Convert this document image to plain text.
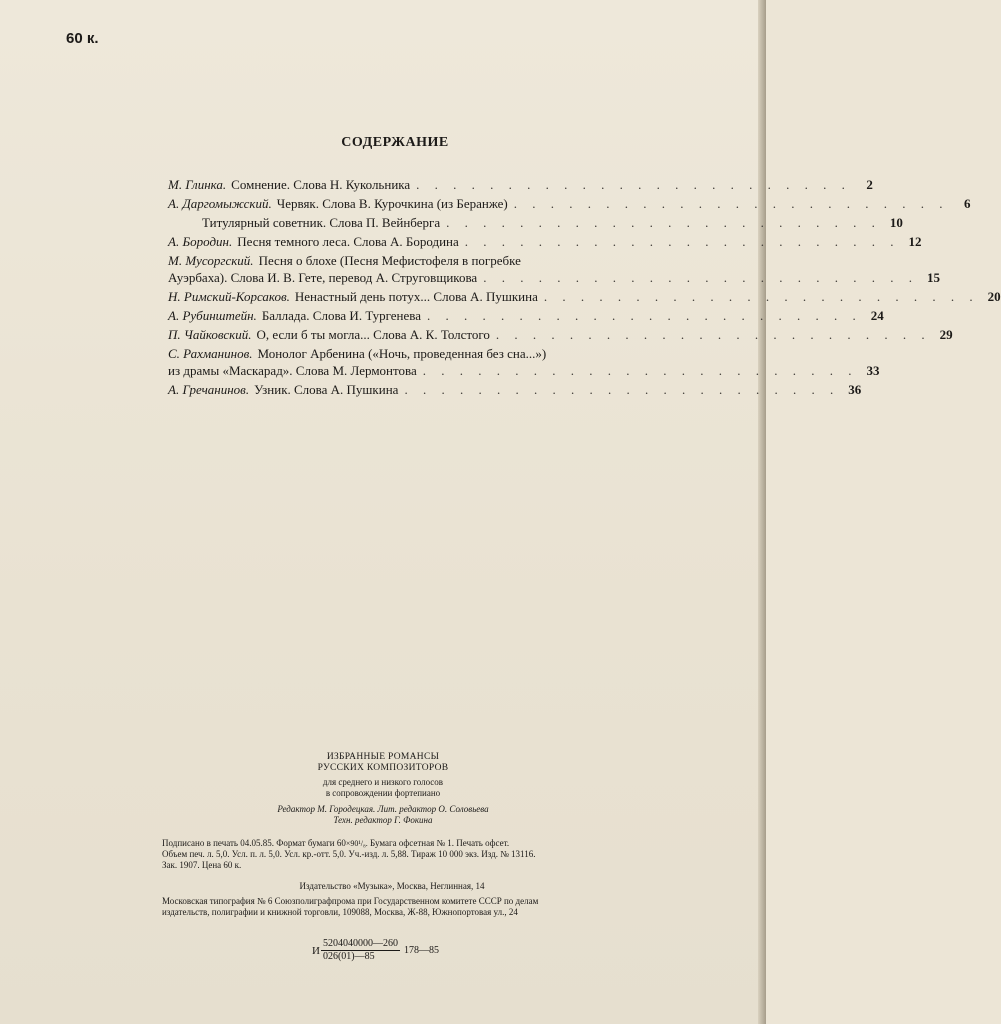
60 к.
СОДЕРЖАНИЕ
М. Глинка. Сомнение. Слова Н. Кукольника . . . . . . . . . . . . . . . . . . . . . . . .	2
А. Даргомыжский. Червяк. Слова В. Курочкина (из Беранже) . . . . . . . . . . . . . . . . . . . . . . . .	6
Титулярный советник. Слова П. Вейнберга . . . . . . . . . . . . . . . . . . . . . . . . 10
А. Бородин. Песня темного леса. Слова А. Бородина . . . . . . . . . . . . . . . . . . . . . . . . 12
М. Мусоргский. Песня о блохе (Песня Мефистофеля в погребке
Ауэрбаха). Слова И. В. Гете, перевод А. Струговщикова . . . . . . . . . . . . . . . . . . . . . . . . 15
Н. Римский-Корсаков. Ненастный день потух... Слова А. Пушкина . . . . . . . . . . . . . . . . . . . . . . . . 20
А. Рубинштейн. Баллада. Слова И. Тургенева . . . . . . . . . . . . . . . . . . . . . . . . 24
П. Чайковский. О, если б ты могла... Слова А. К. Толстого . . . . . . . . . . . . . . . . . . . . . . . . 29
С. Рахманинов. Монолог Арбенина («Ночь, проведенная без сна...»)
из драмы «Маскарад». Слова М. Лермонтова . . . . . . . . . . . . . . . . . . . . . . . . 33
А. Гречанинов. Узник. Слова А. Пушкина . . . . . . . . . . . . . . . . . . . . . . . . 36
ИЗБРАННЫЕ РОМАНСЫ
РУССКИХ КОМПОЗИТОРОВ
для среднего и низкого голосов
в сопровождении фортепиано
Редактор М. Городецкая. Лит. редактор О. Соловьева
Техн. редактор Г. Фокина
Подписано в печать 04.05.85. Формат бумаги 60×90¹/₈. Бумага офсетная № 1. Печать офсет.
Объем печ. л. 5,0. Усл. п. л. 5,0. Усл. кр.-отт. 5,0. Уч.-изд. л. 5,88. Тираж 10 000 экз. Изд. № 13116.
Зак. 1907. Цена 60 к.
Издательство «Музыка», Москва, Неглинная, 14
Московская типография № 6 Союзполиграфпрома при Государственном комитете СССР по делам
издательств, полиграфии и книжной торговли, 109088, Москва, Ж-88, Южнопортовая ул., 24
И $\frac{5204040000—260}{026(01)—85}$ 178—85
